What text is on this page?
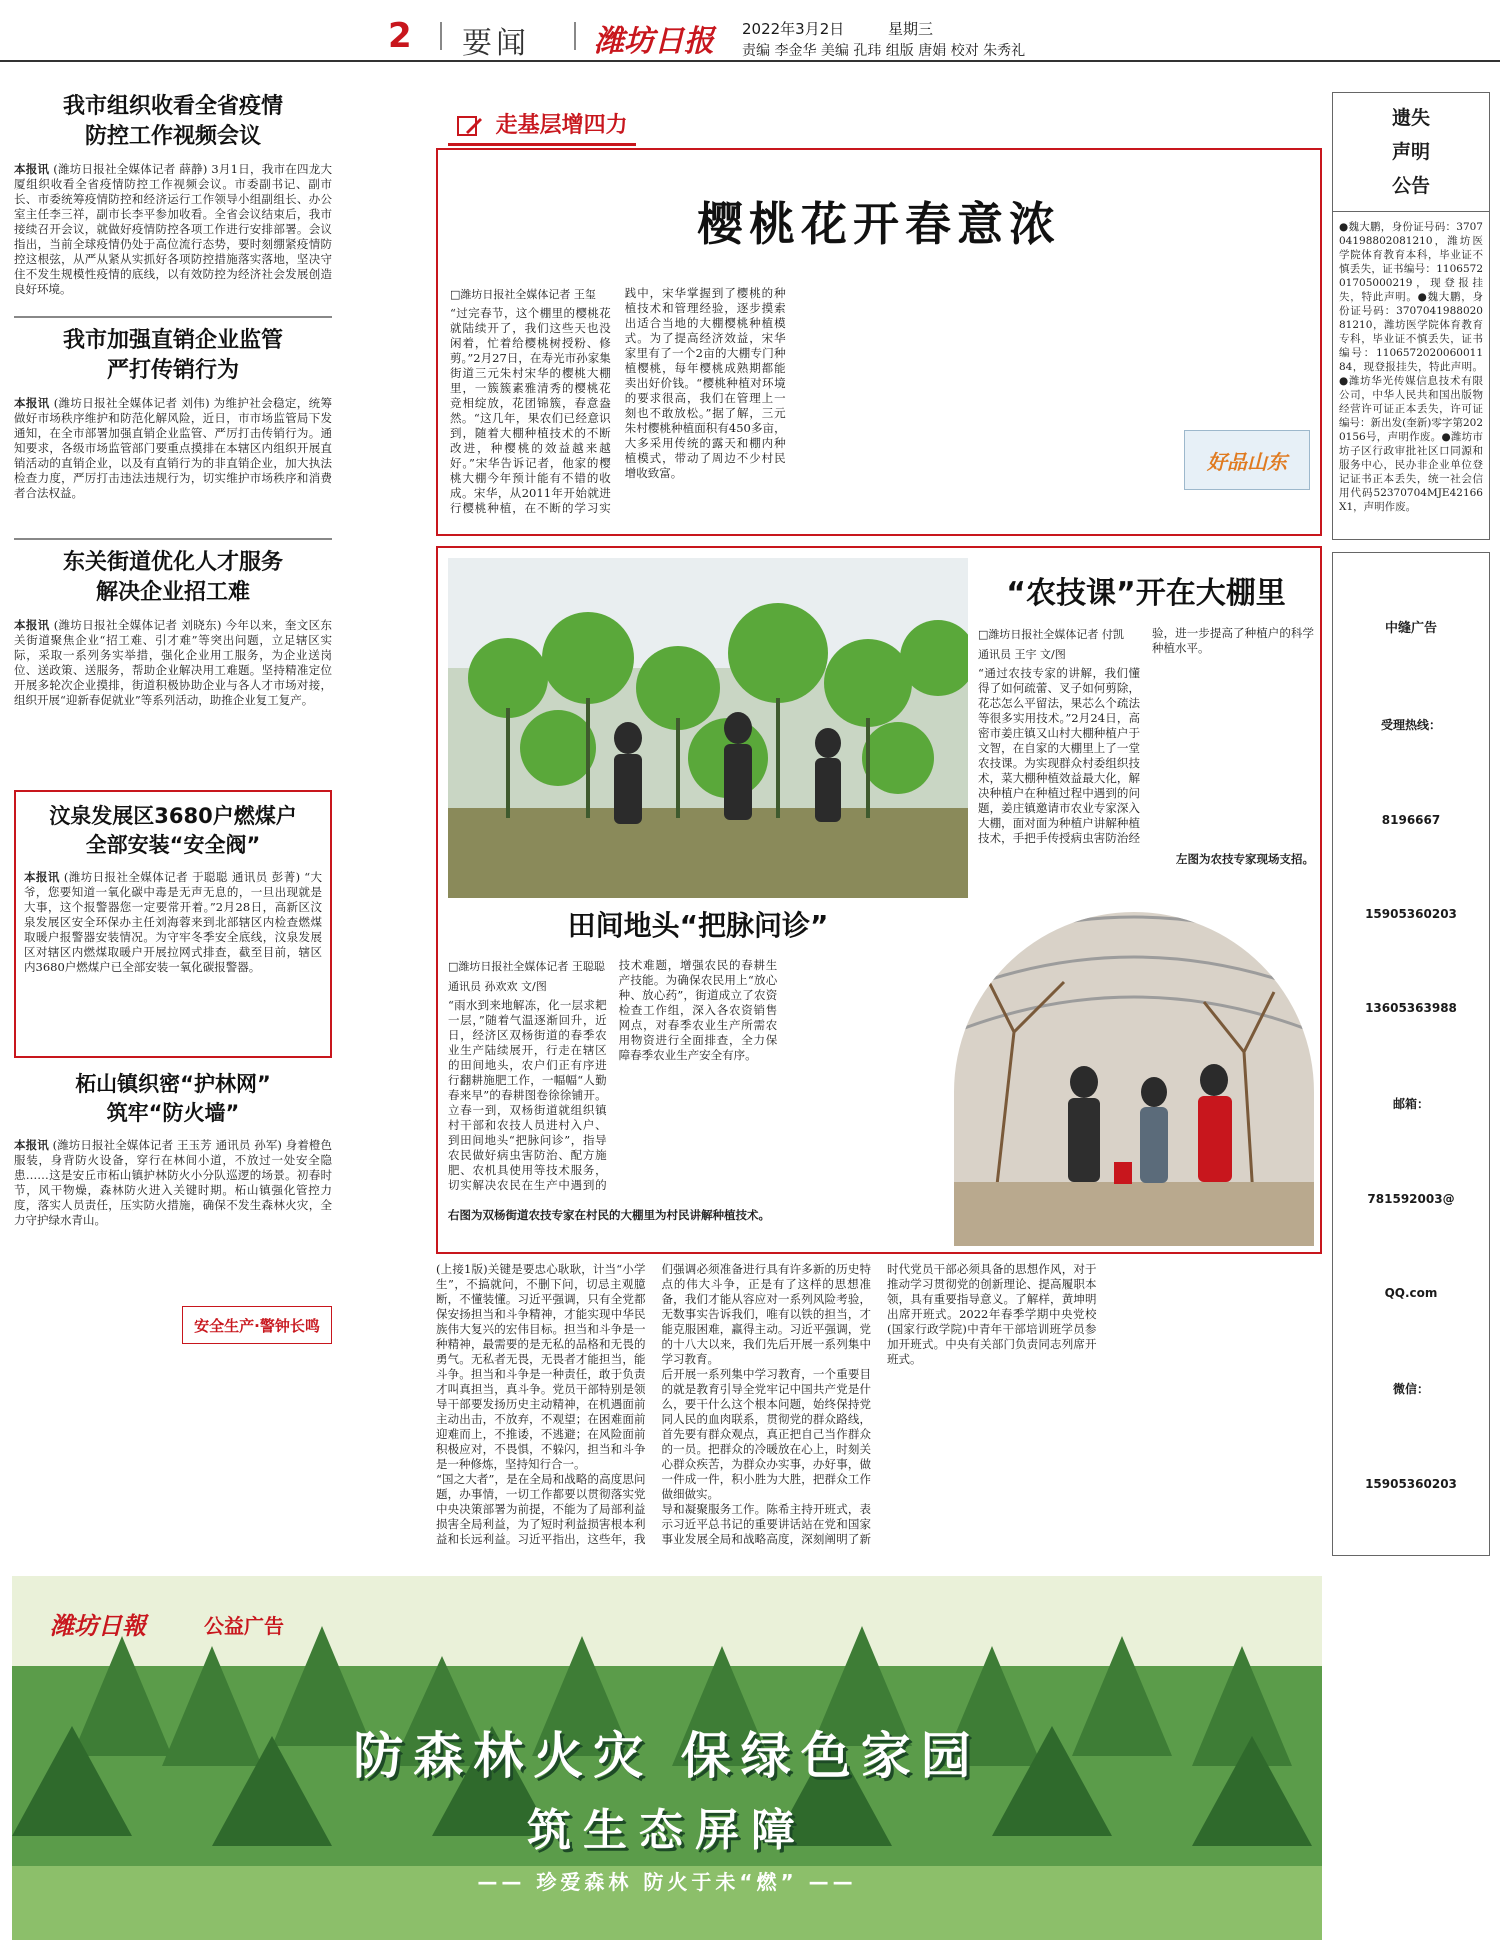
2 要闻 潍坊日报 2022年3月2日	星期三
责编 李金华 美编 孔玮 组版 唐娟 校对 朱秀礼
我市组织收看全省疫情
防控工作视频会议

本报讯 (潍坊日报社全媒体记者 薛静) 3月1日，我市在四龙大厦组织收看全省疫情防控工作视频会议。市委副书记、副市长、市委统筹疫情防控和经济运行工作领导小组副组长、办公室主任李三祥，副市长李平参加收看。全省会议结束后，我市接续召开会议，就做好疫情防控各项工作进行安排部署。会议指出，当前全球疫情仍处于高位流行态势，要时刻绷紧疫情防控这根弦，从严从紧从实抓好各项防控措施落实落地，坚决守住不发生规模性疫情的底线，以有效防控为经济社会发展创造良好环境。

我市加强直销企业监管
严打传销行为

本报讯 (潍坊日报社全媒体记者 刘伟) 为维护社会稳定，统筹做好市场秩序维护和防范化解风险，近日，市市场监管局下发通知，在全市部署加强直销企业监管、严厉打击传销行为。通知要求，各级市场监管部门要重点摸排在本辖区内组织开展直销活动的直销企业，以及有直销行为的非直销企业，加大执法检查力度，严厉打击违法违规行为，切实维护市场秩序和消费者合法权益。

东关街道优化人才服务
解决企业招工难

本报讯 (潍坊日报社全媒体记者 刘晓东) 今年以来，奎文区东关街道聚焦企业“招工难、引才难”等突出问题，立足辖区实际，采取一系列务实举措，强化企业用工服务，为企业送岗位、送政策、送服务，帮助企业解决用工难题。坚持精准定位开展多轮次企业摸排，街道积极协助企业与各人才市场对接，组织开展“迎新春促就业”等系列活动，助推企业复工复产。

汶泉发展区3680户燃煤户
全部安装“安全阀”

本报讯 (潍坊日报社全媒体记者 于聪聪 通讯员 彭菁) “大爷，您要知道一氧化碳中毒是无声无息的，一旦出现就是大事，这个报警器您一定要常开着。”2月28日，高新区汶泉发展区安全环保办主任刘海蓉来到北部辖区内检查燃煤取暖户报警器安装情况。为守牢冬季安全底线，汶泉发展区对辖区内燃煤取暖户开展拉网式排查，截至目前，辖区内3680户燃煤户已全部安装一氧化碳报警器。

柘山镇织密“护林网”
筑牢“防火墙”

本报讯 (潍坊日报社全媒体记者 王玉芳 通讯员 孙军) 身着橙色服装，身背防火设备，穿行在林间小道，不放过一处安全隐患……这是安丘市柘山镇护林防火小分队巡逻的场景。初春时节，风干物燥，森林防火进入关键时期。柘山镇强化管控力度，落实人员责任，压实防火措施，确保不发生森林火灾，全力守护绿水青山。

安全生产·警钟长鸣
走基层增四力
樱桃花开春意浓
□潍坊日报社全媒体记者 王玺

“过完春节，这个棚里的樱桃花就陆续开了，我们这些天也没闲着，忙着给樱桃树授粉、修剪。”2月27日，在寿光市孙家集街道三元朱村宋华的樱桃大棚里，一簇簇素雅清秀的樱桃花竞相绽放，花团锦簇，春意盎然。“这几年，果农们已经意识到，随着大棚种植技术的不断改进，种樱桃的效益越来越好。”宋华告诉记者，他家的樱桃大棚今年预计能有不错的收成。宋华，从2011年开始就进行樱桃种植，在不断的学习实践中，宋华掌握到了樱桃的种植技术和管理经验，逐步摸索出适合当地的大棚樱桃种植模式。为了提高经济效益，宋华家里有了一个2亩的大棚专门种植樱桃，每年樱桃成熟期都能卖出好价钱。“樱桃种植对环境的要求很高，我们在管理上一刻也不敢放松。”据了解，三元朱村樱桃种植面积有450多亩，大多采用传统的露天和棚内种植模式，带动了周边不少村民增收致富。	好品山东
“农技课”开在大棚里
□潍坊日报社全媒体记者 付凯
通讯员 王宇 文/图

“通过农技专家的讲解，我们懂得了如何疏蕾、叉子如何剪除，花芯怎么平留法，果芯么个疏法等很多实用技术。”2月24日，高密市姜庄镇又山村大棚种植户于文智，在自家的大棚里上了一堂农技课。为实现群众村委组织技术，菜大棚种植效益最大化，解决种植户在种植过程中遇到的问题，姜庄镇邀请市农业专家深入大棚，面对面为种植户讲解种植技术，手把手传授病虫害防治经验，进一步提高了种植户的科学种植水平。

左图为农技专家现场支招。
田间地头“把脉问诊”
□潍坊日报社全媒体记者 王聪聪
通讯员 孙欢欢 文/图

“雨水到来地解冻，化一层求耙一层，”随着气温逐渐回升，近日，经济区双杨街道的春季农业生产陆续展开，行走在辖区的田间地头，农户们正有序进行翻耕施肥工作，一幅幅“人勤春来早”的春耕图卷徐徐铺开。立春一到，双杨街道就组织镇村干部和农技人员进村入户、到田间地头“把脉问诊”，指导农民做好病虫害防治、配方施肥、农机具使用等技术服务，切实解决农民在生产中遇到的技术难题，增强农民的春耕生产技能。为确保农民用上“放心种、放心药”，街道成立了农资检查工作组，深入各农资销售网点，对春季农业生产所需农用物资进行全面排查，全力保障春季农业生产安全有序。

右图为双杨街道农技专家在村民的大棚里为村民讲解种植技术。

(上接1版)关键是要忠心耿耿，计当“小学生”，不搞就问，不删下问，切忌主观臆断，不懂装懂。习近平强调，只有全党都保安扬担当和斗争精神，才能实现中华民族伟大复兴的宏伟目标。担当和斗争是一种精神，最需要的是无私的品格和无畏的勇气。无私者无畏，无畏者才能担当，能斗争。担当和斗争是一种责任，敢于负责才叫真担当，真斗争。党员干部特别是领导干部要发扬历史主动精神，在机遇面前主动出击，不放弃，不观望；在困难面前迎难而上，不推诿，不逃避；在风险面前积极应对，不畏惧，不躲闪，担当和斗争是一种修炼，坚持知行合一。

“国之大者”，是在全局和战略的高度思问题，办事情，一切工作都要以贯彻落实党中央决策部署为前提，不能为了局部利益损害全局利益，为了短时利益损害根本利益和长远利益。习近平指出，这些年，我们强调必须准备进行具有许多新的历史特点的伟大斗争，正是有了这样的思想准备，我们才能从容应对一系列风险考验，无数事实告诉我们，唯有以铁的担当，才能克服困难，赢得主动。习近平强调，党的十八大以来，我们先后开展一系列集中学习教育。

后开展一系列集中学习教育，一个重要目的就是教育引导全党牢记中国共产党是什么，要干什么这个根本问题，始终保持党同人民的血肉联系，贯彻党的群众路线，首先要有群众观点，真正把自己当作群众的一员。把群众的冷暖放在心上，时刻关心群众疾苦，为群众办实事，办好事，做一件成一件，积小胜为大胜，把群众工作做细做实。

导和凝聚服务工作。陈希主持开班式，表示习近平总书记的重要讲话站在党和国家事业发展全局和战略高度，深刻阐明了新时代党员干部必须具备的思想作风，对于推动学习贯彻党的创新理论、提高履职本领，具有重要指导意义。了解样，黄坤明出席开班式。2022年春季学期中央党校(国家行政学院)中青年干部培训班学员参加开班式。中央有关部门负责同志列席开班式。

遗失
声明
公告

●魏大鹏，身份证号码：370704198802081210，潍坊医学院体育教育本科，毕业证不慎丢失，证书编号：110657201705000219，现登报挂失，特此声明。●魏大鹏，身份证号码：370704198802081210，潍坊医学院体育教育专科，毕业证不慎丢失，证书编号：110657202006001184，现登报挂失，特此声明。●潍坊华光传媒信息技术有限公司，中华人民共和国出版物经营许可证正本丢失，许可证编号：新出发(奎新)零字第2020156号，声明作废。●潍坊市坊子区行政审批社区口同源和服务中心，民办非企业单位登记证书正本丢失，统一社会信用代码52370704MJE42166X1，声明作废。

中缝广告
受理热线：
8196667
15905360203
13605363988
邮箱：
781592003@
QQ.com
微信：
15905360203
潍坊日報	公益广告
防森林火灾 保绿色家园
筑生态屏障
—— 珍爱森林 防火于未“燃” ——
